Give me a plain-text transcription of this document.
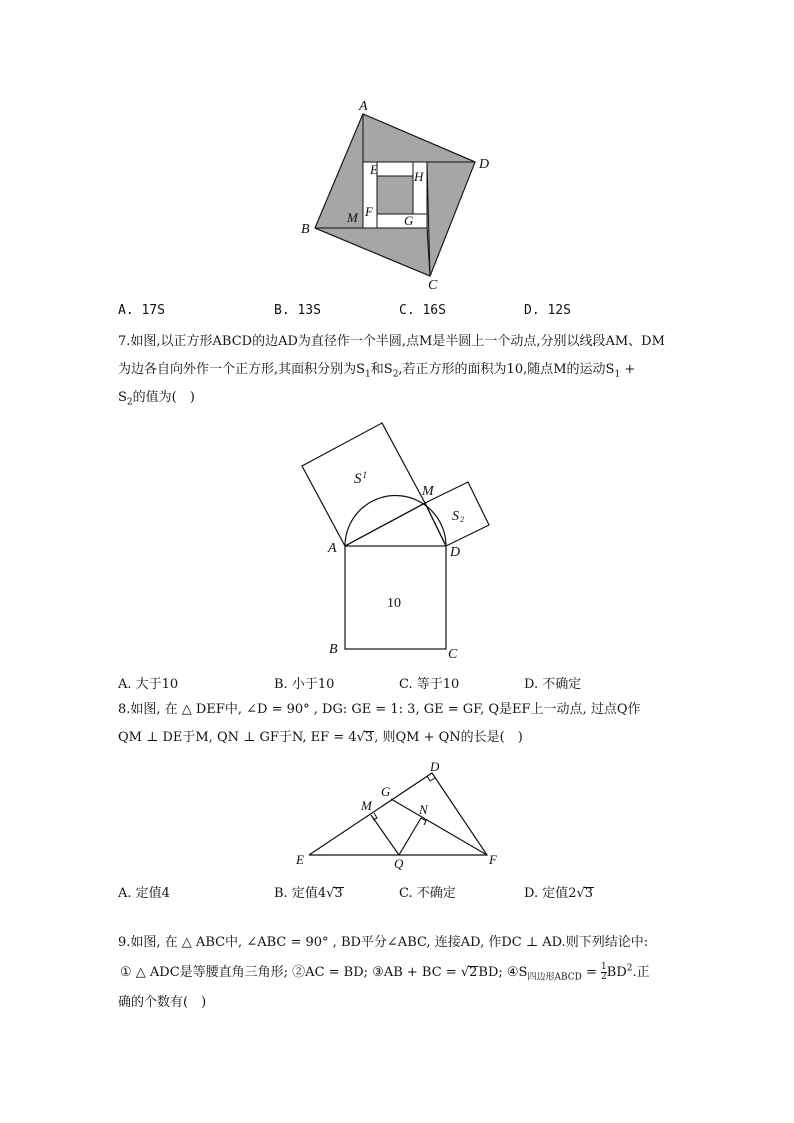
A
D
B
C
E	H
F
G
M
A. 17S	B. 13S	C. 16S	D. 12S
7.如图,以正方形ABCD的边AD为直径作一个半圆,点M是半圆上一个动点,分别以线段AM、DM
为边各自向外作一个正方形,其面积分别为$S_1$和$S_2$,若正方形的面积为10,随点M的运动$S_1$ +
$S_2$的值为(　)
$S^1$
S2
M
A	D
B	C
10
A. 大于10	B. 小于10	C. 等于10	D. 不确定
8.如图, 在 △ DEF中, ∠D = 90° , DG: GE = 1: 3, GE = GF, Q是EF上一动点, 过点Q作
QM ⊥ DE于M, QN ⊥ GF于N, EF = 4√3, 则QM + QN的长是(　)
D
G
M	N
E	Q	F
A. 定值4	B. 定值4√3	C. 不确定	D. 定值2√3
9.如图, 在 △ ABC中, ∠ABC = 90° , BD平分∠ABC, 连接AD, 作DC ⊥ AD.则下列结论中:
① △ ADC是等腰直角三角形; ②AC = BD; ③AB + BC = √2BD; $④S_{四边形ABCD} = \frac{1}{2} BD^2$.正
确的个数有(　)
